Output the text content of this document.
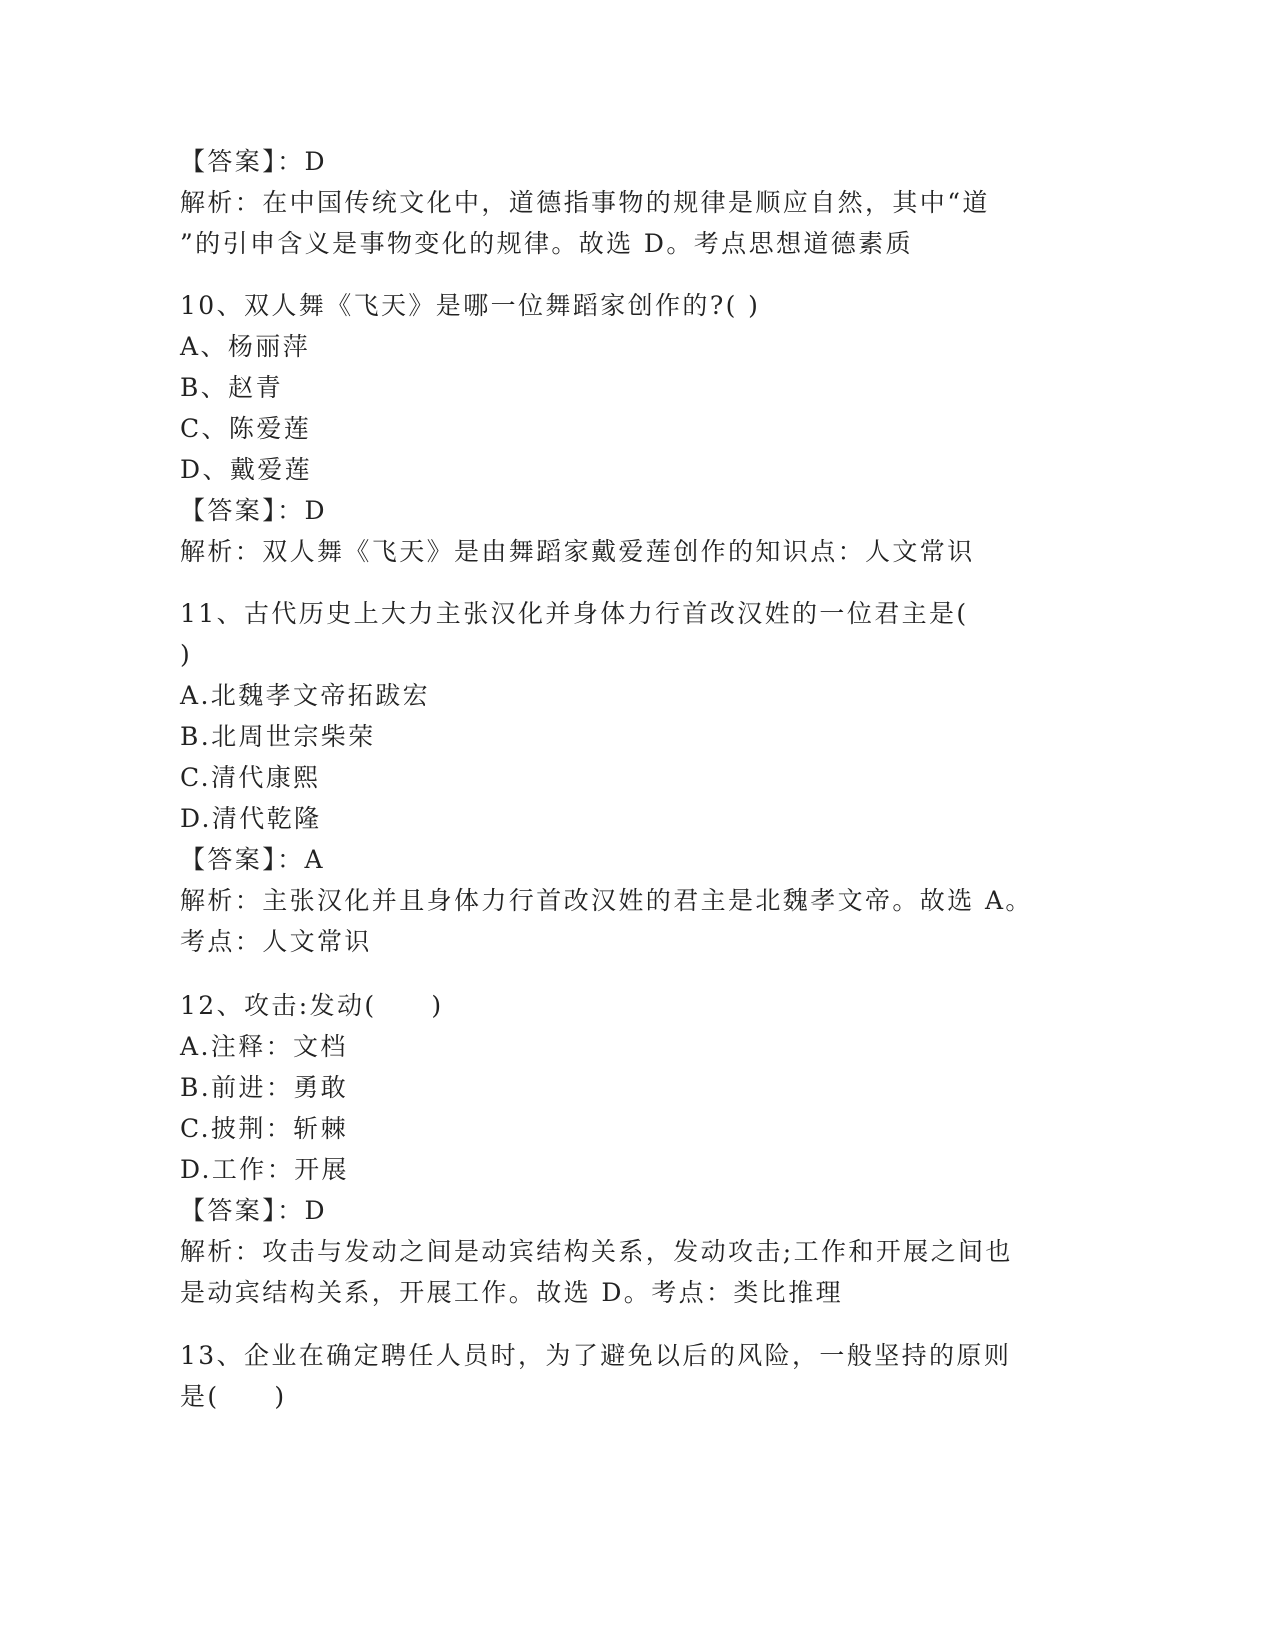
【答案】：D
解析：在中国传统文化中，道德指事物的规律是顺应自然，其中“道
”的引申含义是事物变化的规律。故选 D。考点思想道德素质
10、双人舞《飞天》是哪一位舞蹈家创作的?( )
A、杨丽萍
B、赵青
C、陈爱莲
D、戴爱莲
【答案】：D
解析：双人舞《飞天》是由舞蹈家戴爱莲创作的知识点：人文常识
11、古代历史上大力主张汉化并身体力行首改汉姓的一位君主是(
)
A.北魏孝文帝拓跋宏
B.北周世宗柴荣
C.清代康熙
D.清代乾隆
【答案】：A
解析：主张汉化并且身体力行首改汉姓的君主是北魏孝文帝。故选 A。
考点：人文常识
12、攻击:发动(　　)
A.注释：文档
B.前进：勇敢
C.披荆：斩棘
D.工作：开展
【答案】：D
解析：攻击与发动之间是动宾结构关系，发动攻击;工作和开展之间也
是动宾结构关系，开展工作。故选 D。考点：类比推理
13、企业在确定聘任人员时，为了避免以后的风险，一般坚持的原则
是(　　)
